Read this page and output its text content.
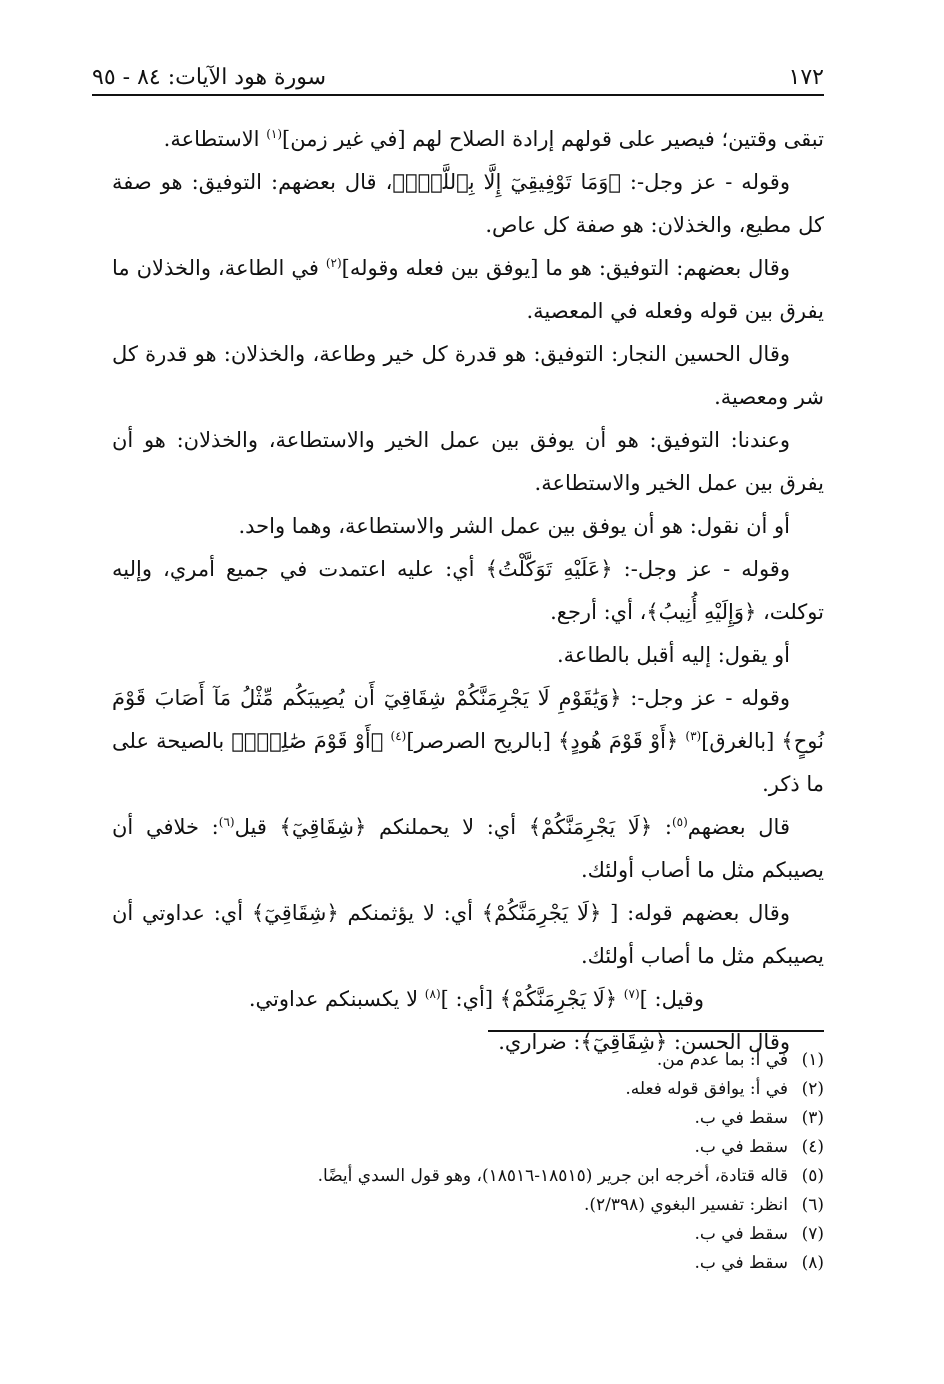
١٧٢
سورة هود الآيات: ٨٤ - ٩٥

تبقى وقتين؛ فيصير على قولهم إرادة الصلاح لهم [في غير زمن]$^{(١)}$ الاستطاعة.

وقوله - عز وجل-: ﴿وَمَا تَوْفِيقِيٓ إِلَّا بِٱللَّهِۚ﴾، قال بعضهم: التوفيق: هو صفة كل مطيع، والخذلان: هو صفة كل عاص.

وقال بعضهم: التوفيق: هو ما [يوفق بين فعله وقوله]$^{(٢)}$ في الطاعة، والخذلان ما يفرق بين قوله وفعله في المعصية.

وقال الحسين النجار: التوفيق: هو قدرة كل خير وطاعة، والخذلان: هو قدرة كل شر ومعصية.

وعندنا: التوفيق: هو أن يوفق بين عمل الخير والاستطاعة، والخذلان: هو أن يفرق بين عمل الخير والاستطاعة.

أو أن نقول: هو أن يوفق بين عمل الشر والاستطاعة، وهما واحد.

وقوله - عز وجل-: ﴿عَلَيْهِ تَوَكَّلْتُ﴾ أي: عليه اعتمدت في جميع أمري، وإليه توكلت، ﴿وَإِلَيْهِ أُنِيبُ﴾، أي: أرجع.

أو يقول: إليه أقبل بالطاعة.

وقوله - عز وجل-: ﴿وَيَٰقَوْمِ لَا يَجْرِمَنَّكُمْ شِقَاقِيٓ أَن يُصِيبَكُم مِّثْلُ مَآ أَصَابَ قَوْمَ نُوحٍ﴾ [بالغرق]$^{(٣)}$ ﴿أَوْ قَوْمَ هُودٍ﴾ [بالريح الصرصر]$^{(٤)}$ ﴿أَوْ قَوْمَ صَٰلِحٍۚ﴾ بالصيحة على ما ذكر.

قال بعضهم$^{(٥)}$: ﴿لَا يَجْرِمَنَّكُمْ﴾ أي: لا يحملنكم ﴿شِقَاقِيٓ﴾ قيل$^{(٦)}$: خلافي أن يصيبكم مثل ما أصاب أولئك.

وقال بعضهم قوله: [ ﴿لَا يَجْرِمَنَّكُمْ﴾ أي: لا يؤثمنكم ﴿شِقَاقِيٓ﴾ أي: عداوتي أن يصيبكم مثل ما أصاب أولئك.

وقيل: ]$^{(٧)}$ ﴿لَا يَجْرِمَنَّكُمْ﴾ [أي: ]$^{(٨)}$ لا يكسبنكم عداوتي.

وقال الحسن: ﴿شِقَاقِيٓ﴾: ضراري.

(١)في أ: بما عدم من.
(٢)في أ: يوافق قوله فعله.
(٣)سقط في ب.
(٤)سقط في ب.
(٥)قاله قتادة، أخرجه ابن جرير (١٨٥١٥-١٨٥١٦)، وهو قول السدي أيضًا.
(٦)انظر: تفسير البغوي (٢/٣٩٨).
(٧)سقط في ب.
(٨)سقط في ب.
